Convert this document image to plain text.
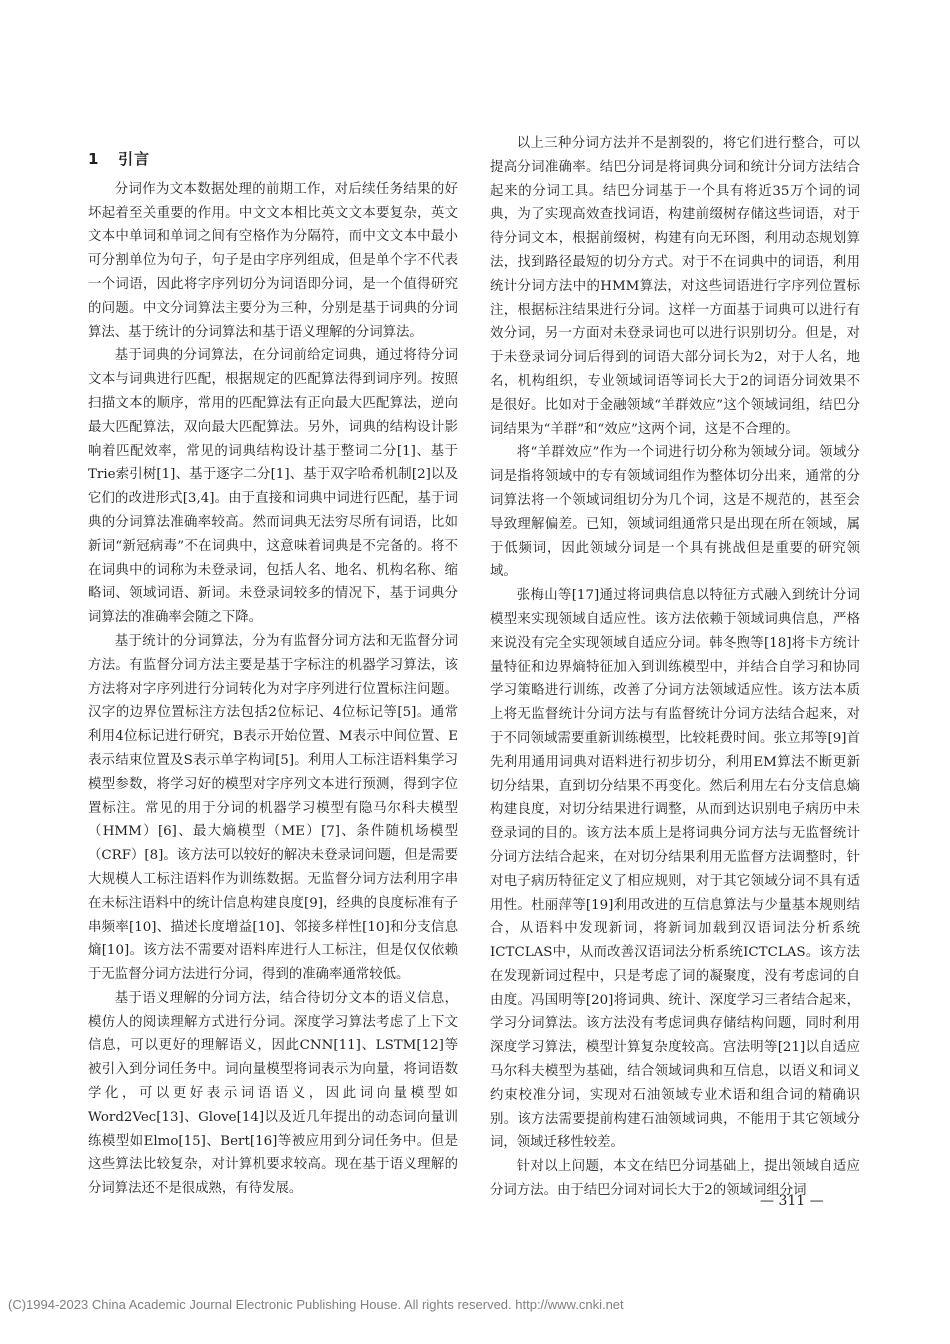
1 引言

分词作为文本数据处理的前期工作，对后续任务结果的好坏起着至关重要的作用。中文文本相比英文文本要复杂，英文文本中单词和单词之间有空格作为分隔符，而中文文本中最小可分割单位为句子，句子是由字序列组成，但是单个字不代表一个词语，因此将字序列切分为词语即分词，是一个值得研究的问题。中文分词算法主要分为三种，分别是基于词典的分词算法、基于统计的分词算法和基于语义理解的分词算法。

基于词典的分词算法，在分词前给定词典，通过将待分词文本与词典进行匹配，根据规定的匹配算法得到词序列。按照扫描文本的顺序，常用的匹配算法有正向最大匹配算法，逆向最大匹配算法，双向最大匹配算法。另外，词典的结构设计影响着匹配效率，常见的词典结构设计基于整词二分[1]、基于Trie索引树[1]、基于逐字二分[1]、基于双字哈希机制[2]以及它们的改进形式[3,4]。由于直接和词典中词进行匹配，基于词典的分词算法准确率较高。然而词典无法穷尽所有词语，比如新词“新冠病毒”不在词典中，这意味着词典是不完备的。将不在词典中的词称为未登录词，包括人名、地名、机构名称、缩略词、领域词语、新词。未登录词较多的情况下，基于词典分词算法的准确率会随之下降。

基于统计的分词算法，分为有监督分词方法和无监督分词方法。有监督分词方法主要是基于字标注的机器学习算法，该方法将对字序列进行分词转化为对字序列进行位置标注问题。汉字的边界位置标注方法包括2位标记、4位标记等[5]。通常利用4位标记进行研究，B表示开始位置、M表示中间位置、E表示结束位置及S表示单字构词[5]。利用人工标注语料集学习模型参数，将学习好的模型对字序列文本进行预测，得到字位置标注。常见的用于分词的机器学习模型有隐马尔科夫模型（HMM）[6]、最大熵模型（ME）[7]、条件随机场模型（CRF）[8]。该方法可以较好的解决未登录词问题，但是需要大规模人工标注语料作为训练数据。无监督分词方法利用字串在未标注语料中的统计信息构建良度[9]，经典的良度标准有子串频率[10]、描述长度增益[10]、邻接多样性[10]和分支信息熵[10]。该方法不需要对语料库进行人工标注，但是仅仅依赖于无监督分词方法进行分词，得到的准确率通常较低。

基于语义理解的分词方法，结合待切分文本的语义信息，模仿人的阅读理解方式进行分词。深度学习算法考虑了上下文信息，可以更好的理解语义，因此CNN[11]、LSTM[12]等被引入到分词任务中。词向量模型将词表示为向量，将词语数学化，可以更好表示词语语义，因此词向量模型如Word2Vec[13]、Glove[14]以及近几年提出的动态词向量训练模型如Elmo[15]、Bert[16]等被应用到分词任务中。但是这些算法比较复杂，对计算机要求较高。现在基于语义理解的分词算法还不是很成熟，有待发展。

以上三种分词方法并不是割裂的，将它们进行整合，可以提高分词准确率。结巴分词是将词典分词和统计分词方法结合起来的分词工具。结巴分词基于一个具有将近35万个词的词典，为了实现高效查找词语，构建前缀树存储这些词语，对于待分词文本，根据前缀树，构建有向无环图，利用动态规划算法，找到路径最短的切分方式。对于不在词典中的词语，利用统计分词方法中的HMM算法，对这些词语进行字序列位置标注，根据标注结果进行分词。这样一方面基于词典可以进行有效分词，另一方面对未登录词也可以进行识别切分。但是，对于未登录词分词后得到的词语大部分词长为2，对于人名，地名，机构组织，专业领域词语等词长大于2的词语分词效果不是很好。比如对于金融领域“羊群效应”这个领域词组，结巴分词结果为“羊群”和“效应”这两个词，这是不合理的。

将“羊群效应”作为一个词进行切分称为领域分词。领域分词是指将领域中的专有领域词组作为整体切分出来，通常的分词算法将一个领域词组切分为几个词，这是不规范的，甚至会导致理解偏差。已知，领域词组通常只是出现在所在领域，属于低频词，因此领域分词是一个具有挑战但是重要的研究领域。

张梅山等[17]通过将词典信息以特征方式融入到统计分词模型来实现领域自适应性。该方法依赖于领域词典信息，严格来说没有完全实现领域自适应分词。韩冬煦等[18]将卡方统计量特征和边界熵特征加入到训练模型中，并结合自学习和协同学习策略进行训练，改善了分词方法领域适应性。该方法本质上将无监督统计分词方法与有监督统计分词方法结合起来，对于不同领域需要重新训练模型，比较耗费时间。张立邦等[9]首先利用通用词典对语料进行初步切分，利用EM算法不断更新切分结果，直到切分结果不再变化。然后利用左右分支信息熵构建良度，对切分结果进行调整，从而到达识别电子病历中未登录词的目的。该方法本质上是将词典分词方法与无监督统计分词方法结合起来，在对切分结果利用无监督方法调整时，针对电子病历特征定义了相应规则，对于其它领域分词不具有适用性。杜丽萍等[19]利用改进的互信息算法与少量基本规则结合，从语料中发现新词，将新词加载到汉语词法分析系统ICTCLAS中，从而改善汉语词法分析系统ICTCLAS。该方法在发现新词过程中，只是考虑了词的凝聚度，没有考虑词的自由度。冯国明等[20]将词典、统计、深度学习三者结合起来，学习分词算法。该方法没有考虑词典存储结构问题，同时利用深度学习算法，模型计算复杂度较高。宫法明等[21]以自适应马尔科夫模型为基础，结合领域词典和互信息，以语义和词义约束校准分词，实现对石油领域专业术语和组合词的精确识别。该方法需要提前构建石油领域词典，不能用于其它领域分词，领域迁移性较差。

针对以上问题，本文在结巴分词基础上，提出领域自适应分词方法。由于结巴分词对词长大于2的领域词组分词

— 311 —
(C)1994-2023 China Academic Journal Electronic Publishing House. All rights reserved. http://www.cnki.net
